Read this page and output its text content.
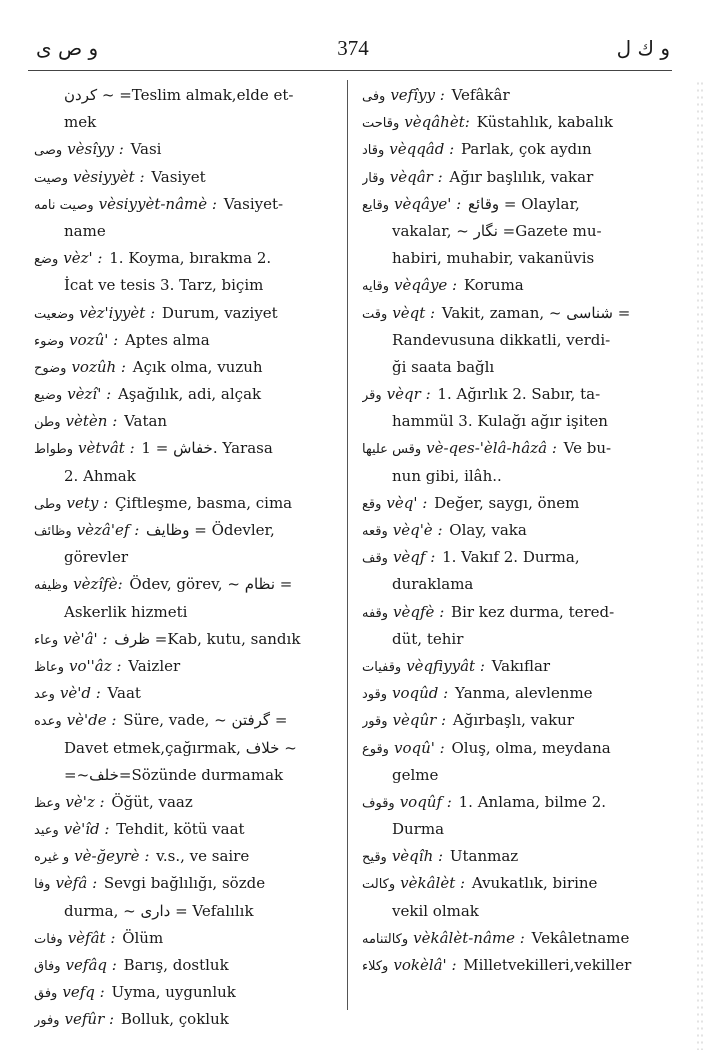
و ص ی	374	و ك ل
كردن ~ =Teslim almak,elde et-
mek
وصى vèsîyy : Vasi
وصيت vèsiyyèt : Vasiyet
وصيت نامه vèsiyyèt-nâmè : Vasiyet-
name
وضع vèz' : 1. Koyma, bırakma 2.
İcat ve tesis 3. Tarz, biçim
وضعيت vèz'iyyèt : Durum, vaziyet
وضوء vozû' : Aptes alma
وضوح vozûh : Açık olma, vuzuh
وضيع vèzî' : Aşağılık, adi, alçak
وطن vètèn : Vatan
وطواط vètvât : خفاش = 1. Yarasa
2. Ahmak
وطى vety : Çiftleşme, basma, cima
وظائف vèzâ'ef : وظايف = Ödevler,
görevler
وظيفه vèzîfè: Ödev, görev, ~ نظام =
Askerlik hizmeti
وعاء vè'â' : ظرف =Kab, kutu, sandık
وعاظ vo''âz : Vaizler
وعد vè'd : Vaat
وعده vè'de : Süre, vade, ~ گرفتن =
Davet etmek,çağırmak, خلاف ~
=~خلف=Sözünde durmamak
وعظ vè'z : Öğüt, vaaz
وعيد vè'îd : Tehdit, kötü vaat
و غيره vè-ğeyrè : v.s., ve saire
وفا vèfâ : Sevgi bağlılığı, sözde
durma, ~ دارى = Vefalılık
وفات vèfât : Ölüm
وفاق vefâq : Barış, dostluk
وفق vefq : Uyma, uygunluk
وفور vefûr : Bolluk, çokluk
وفى vefîyy : Vefâkâr
وقاحت vèqâhèt: Küstahlık, kabalık
وقاد vèqqâd : Parlak, çok aydın
وقار vèqâr : Ağır başlılık, vakar
وقايع vèqâye' : وقائع = Olaylar,
vakalar, ~ نگار =Gazete mu-
habiri, muhabir, vakanüvis
وقايه vèqâye : Koruma
وقت vèqt : Vakit, zaman, ~ شناسى =
Randevusuna dikkatli, verdi-
ği saata bağlı
وقر vèqr : 1. Ağırlık 2. Sabır, ta-
hammül 3. Kulağı ağır işiten
وقس عليها vè-qes-'èlâ-hâzâ : Ve bu-
nun gibi, ilâh..
وقع vèq' : Değer, saygı, önem
وقعه vèq'è : Olay, vaka
وقف vèqf : 1. Vakıf 2. Durma,
duraklama
وقفه vèqfè : Bir kez durma, tered-
düt, tehir
وقفيات vèqfiyyât : Vakıflar
وقود voqûd : Yanma, alevlenme
وقور vèqûr : Ağırbaşlı, vakur
وقوع voqû' : Oluş, olma, meydana
gelme
وقوف voqûf : 1. Anlama, bilme 2.
Durma
وقيح vèqîh : Utanmaz
وكالت vèkâlèt : Avukatlık, birine
vekil olmak
وكالتنامه vèkâlèt-nâme : Vekâletname
وكلاء vokèlâ' : Milletvekilleri,vekiller
